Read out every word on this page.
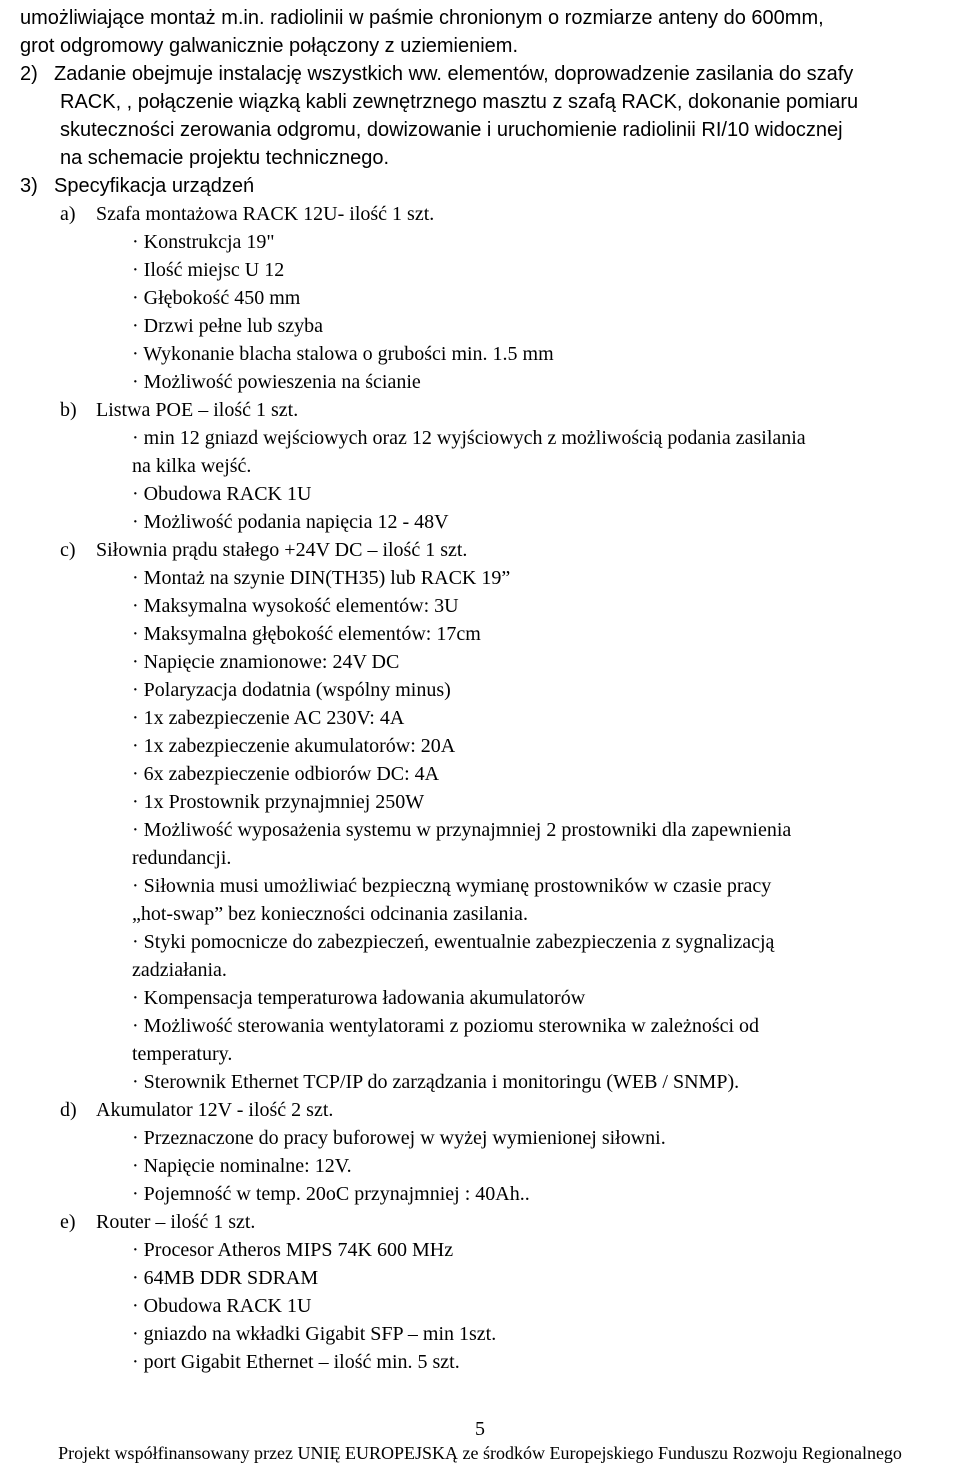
umożliwiające montaż m.in. radiolinii w paśmie chronionym o rozmiarze anteny do 600mm,
grot odgromowy galwanicznie połączony z uziemieniem.
2) Zadanie obejmuje instalację wszystkich ww. elementów, doprowadzenie zasilania do szafy
RACK, , połączenie wiązką kabli zewnętrznego masztu z szafą RACK, dokonanie pomiaru
skuteczności zerowania odgromu, dowizowanie i uruchomienie radiolinii RI/10 widocznej
na schemacie projektu technicznego.
3) Specyfikacja urządzeń
a) Szafa montażowa RACK 12U- ilość 1 szt.
· Konstrukcja 19"
· Ilość miejsc U 12
· Głębokość 450 mm
· Drzwi pełne lub szyba
· Wykonanie blacha stalowa o grubości min. 1.5 mm
· Możliwość powieszenia na ścianie
b) Listwa POE – ilość 1 szt.
· min 12 gniazd wejściowych oraz 12 wyjściowych z możliwością podania zasilania
na kilka wejść.
· Obudowa RACK 1U
· Możliwość podania napięcia 12 - 48V
c) Siłownia prądu stałego +24V DC – ilość 1 szt.
· Montaż na szynie DIN(TH35) lub RACK 19”
· Maksymalna wysokość elementów: 3U
· Maksymalna głębokość elementów: 17cm
· Napięcie znamionowe: 24V DC
· Polaryzacja dodatnia (wspólny minus)
· 1x zabezpieczenie AC 230V: 4A
· 1x zabezpieczenie akumulatorów: 20A
· 6x zabezpieczenie odbiorów DC: 4A
· 1x Prostownik przynajmniej 250W
· Możliwość wyposażenia systemu w przynajmniej 2 prostowniki dla zapewnienia
redundancji.
· Siłownia musi umożliwiać bezpieczną wymianę prostowników w czasie pracy
„hot-swap” bez konieczności odcinania zasilania.
· Styki pomocnicze do zabezpieczeń, ewentualnie zabezpieczenia z sygnalizacją
zadziałania.
· Kompensacja temperaturowa ładowania akumulatorów
· Możliwość sterowania wentylatorami z poziomu sterownika w zależności od
temperatury.
· Sterownik Ethernet TCP/IP do zarządzania i monitoringu (WEB / SNMP).
d) Akumulator 12V - ilość 2 szt.
· Przeznaczone do pracy buforowej w wyżej wymienionej siłowni.
· Napięcie nominalne: 12V.
· Pojemność w temp. 20oC przynajmniej : 40Ah..
e) Router – ilość 1 szt.
· Procesor Atheros MIPS 74K 600 MHz
· 64MB DDR SDRAM
· Obudowa RACK 1U
· gniazdo na wkładki Gigabit SFP – min 1szt.
· port Gigabit Ethernet – ilość min. 5 szt.
5
Projekt współfinansowany przez UNIĘ EUROPEJSKĄ ze środków Europejskiego Funduszu Rozwoju Regionalnego
